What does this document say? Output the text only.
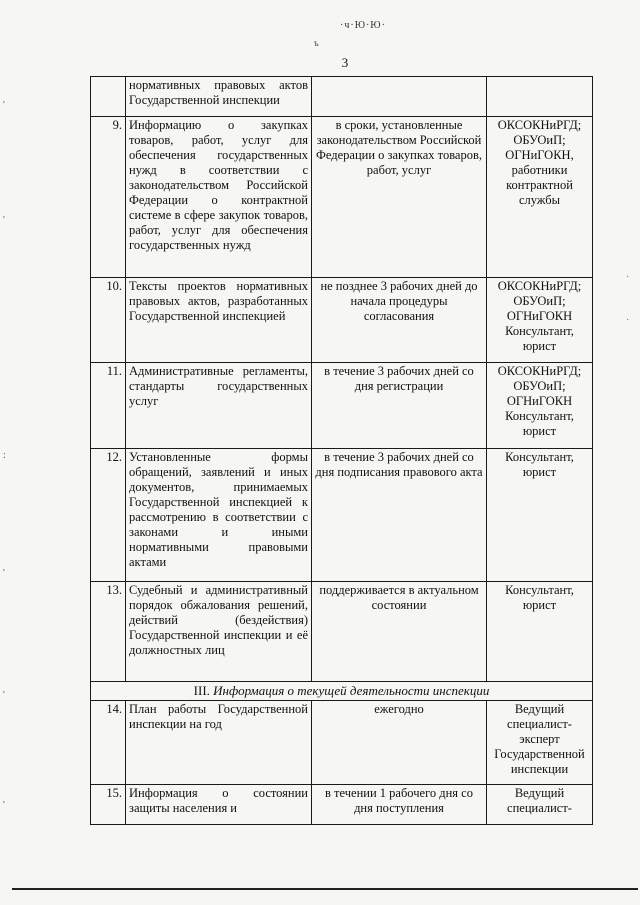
·ч·Ю·Ю·
ъ
3
'
'
:
'
'
'
·
·
	нормативных правовых актов Государственной инспекции		
9.	Информацию о закупках товаров, работ, услуг для обеспечения государственных нужд в соответствии с законодательством Российской Федерации о контрактной системе в сфере закупок товаров, работ, услуг для обеспечения государственных нужд	в сроки, установленные законодательством Российской Федерации о закупках товаров, работ, услуг	ОКСОКНиРГД; ОБУОиП; ОГНиГОКН, работники контрактной службы
10.	Тексты проектов нормативных правовых актов, разработанных Государственной инспекцией	не позднее 3 рабочих дней до начала процедуры согласования	ОКСОКНиРГД; ОБУОиП; ОГНиГОКН Консультант, юрист
11.	Административные регламенты, стандарты государственных услуг	в течение 3 рабочих дней со дня регистрации	ОКСОКНиРГД; ОБУОиП; ОГНиГОКН Консультант, юрист
12.	Установленные формы обращений, заявлений и иных документов, принимаемых Государственной инспекцией к рассмотрению в соответствии с законами и иными нормативными правовыми актами	в течение 3 рабочих дней со дня подписания правового акта	Консультант, юрист
13.	Судебный и административный порядок обжалования решений, действий (бездействия) Государственной инспекции и её должностных лиц	поддерживается в актуальном состоянии	Консультант, юрист
III. Информация о текущей деятельности инспекции			
14.	План работы Государственной инспекции на год	ежегодно	Ведущий специалист-эксперт Государственной инспекции
15.	Информация о состоянии защиты населения и	в течении 1 рабочего дня со дня поступления	Ведущий специалист-
